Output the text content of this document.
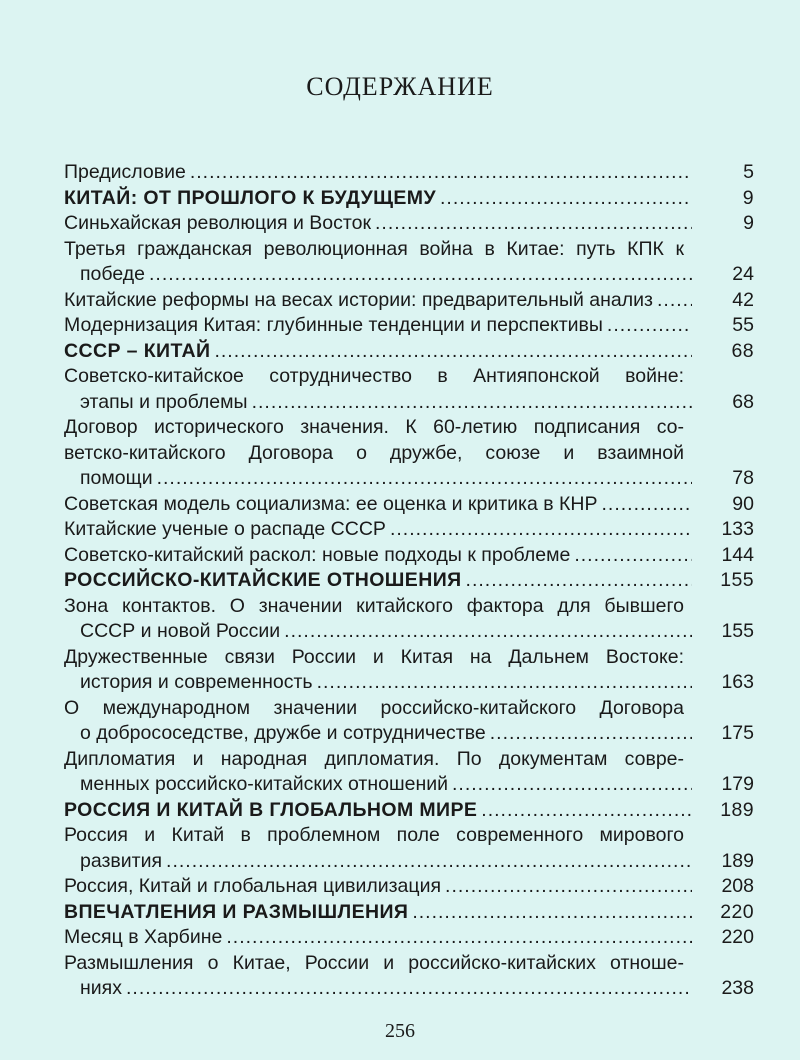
СОДЕРЖАНИЕ
Предисловие .....	5
КИТАЙ: ОТ ПРОШЛОГО К БУДУЩЕМУ .....	9
Синьхайская революция и Восток .....	9
Третья гражданская революционная война в Китае: путь КПК к
победе .....	24
Китайские реформы на весах истории: предварительный анализ .....	42
Модернизация Китая: глубинные тенденции и перспективы .....	55
СССР – КИТАЙ .....	68
Советско-китайское сотрудничество в Антияпонской войне:
этапы и проблемы .....	68
Договор исторического значения. К 60-летию подписания со-
ветско-китайского Договора о дружбе, союзе и взаимной
помощи .....	78
Советская модель социализма: ее оценка и критика в КНР .....	90
Китайские ученые о распаде СССР .....	133
Советско-китайский раскол: новые подходы к проблеме .....	144
РОССИЙСКО-КИТАЙСКИЕ ОТНОШЕНИЯ .....	155
Зона контактов. О значении китайского фактора для бывшего
СССР и новой России .....	155
Дружественные связи России и Китая на Дальнем Востоке:
история и современность .....	163
О международном значении российско-китайского Договора
о добрососедстве, дружбе и сотрудничестве .....	175
Дипломатия и народная дипломатия. По документам совре-
менных российско-китайских отношений .....	179
РОССИЯ И КИТАЙ В ГЛОБАЛЬНОМ МИРЕ .....	189
Россия и Китай в проблемном поле современного мирового
развития .....	189
Россия, Китай и глобальная цивилизация .....	208
ВПЕЧАТЛЕНИЯ И РАЗМЫШЛЕНИЯ .....	220
Месяц в Харбине .....	220
Размышления о Китае, России и российско-китайских отноше-
ниях .....	238
256
